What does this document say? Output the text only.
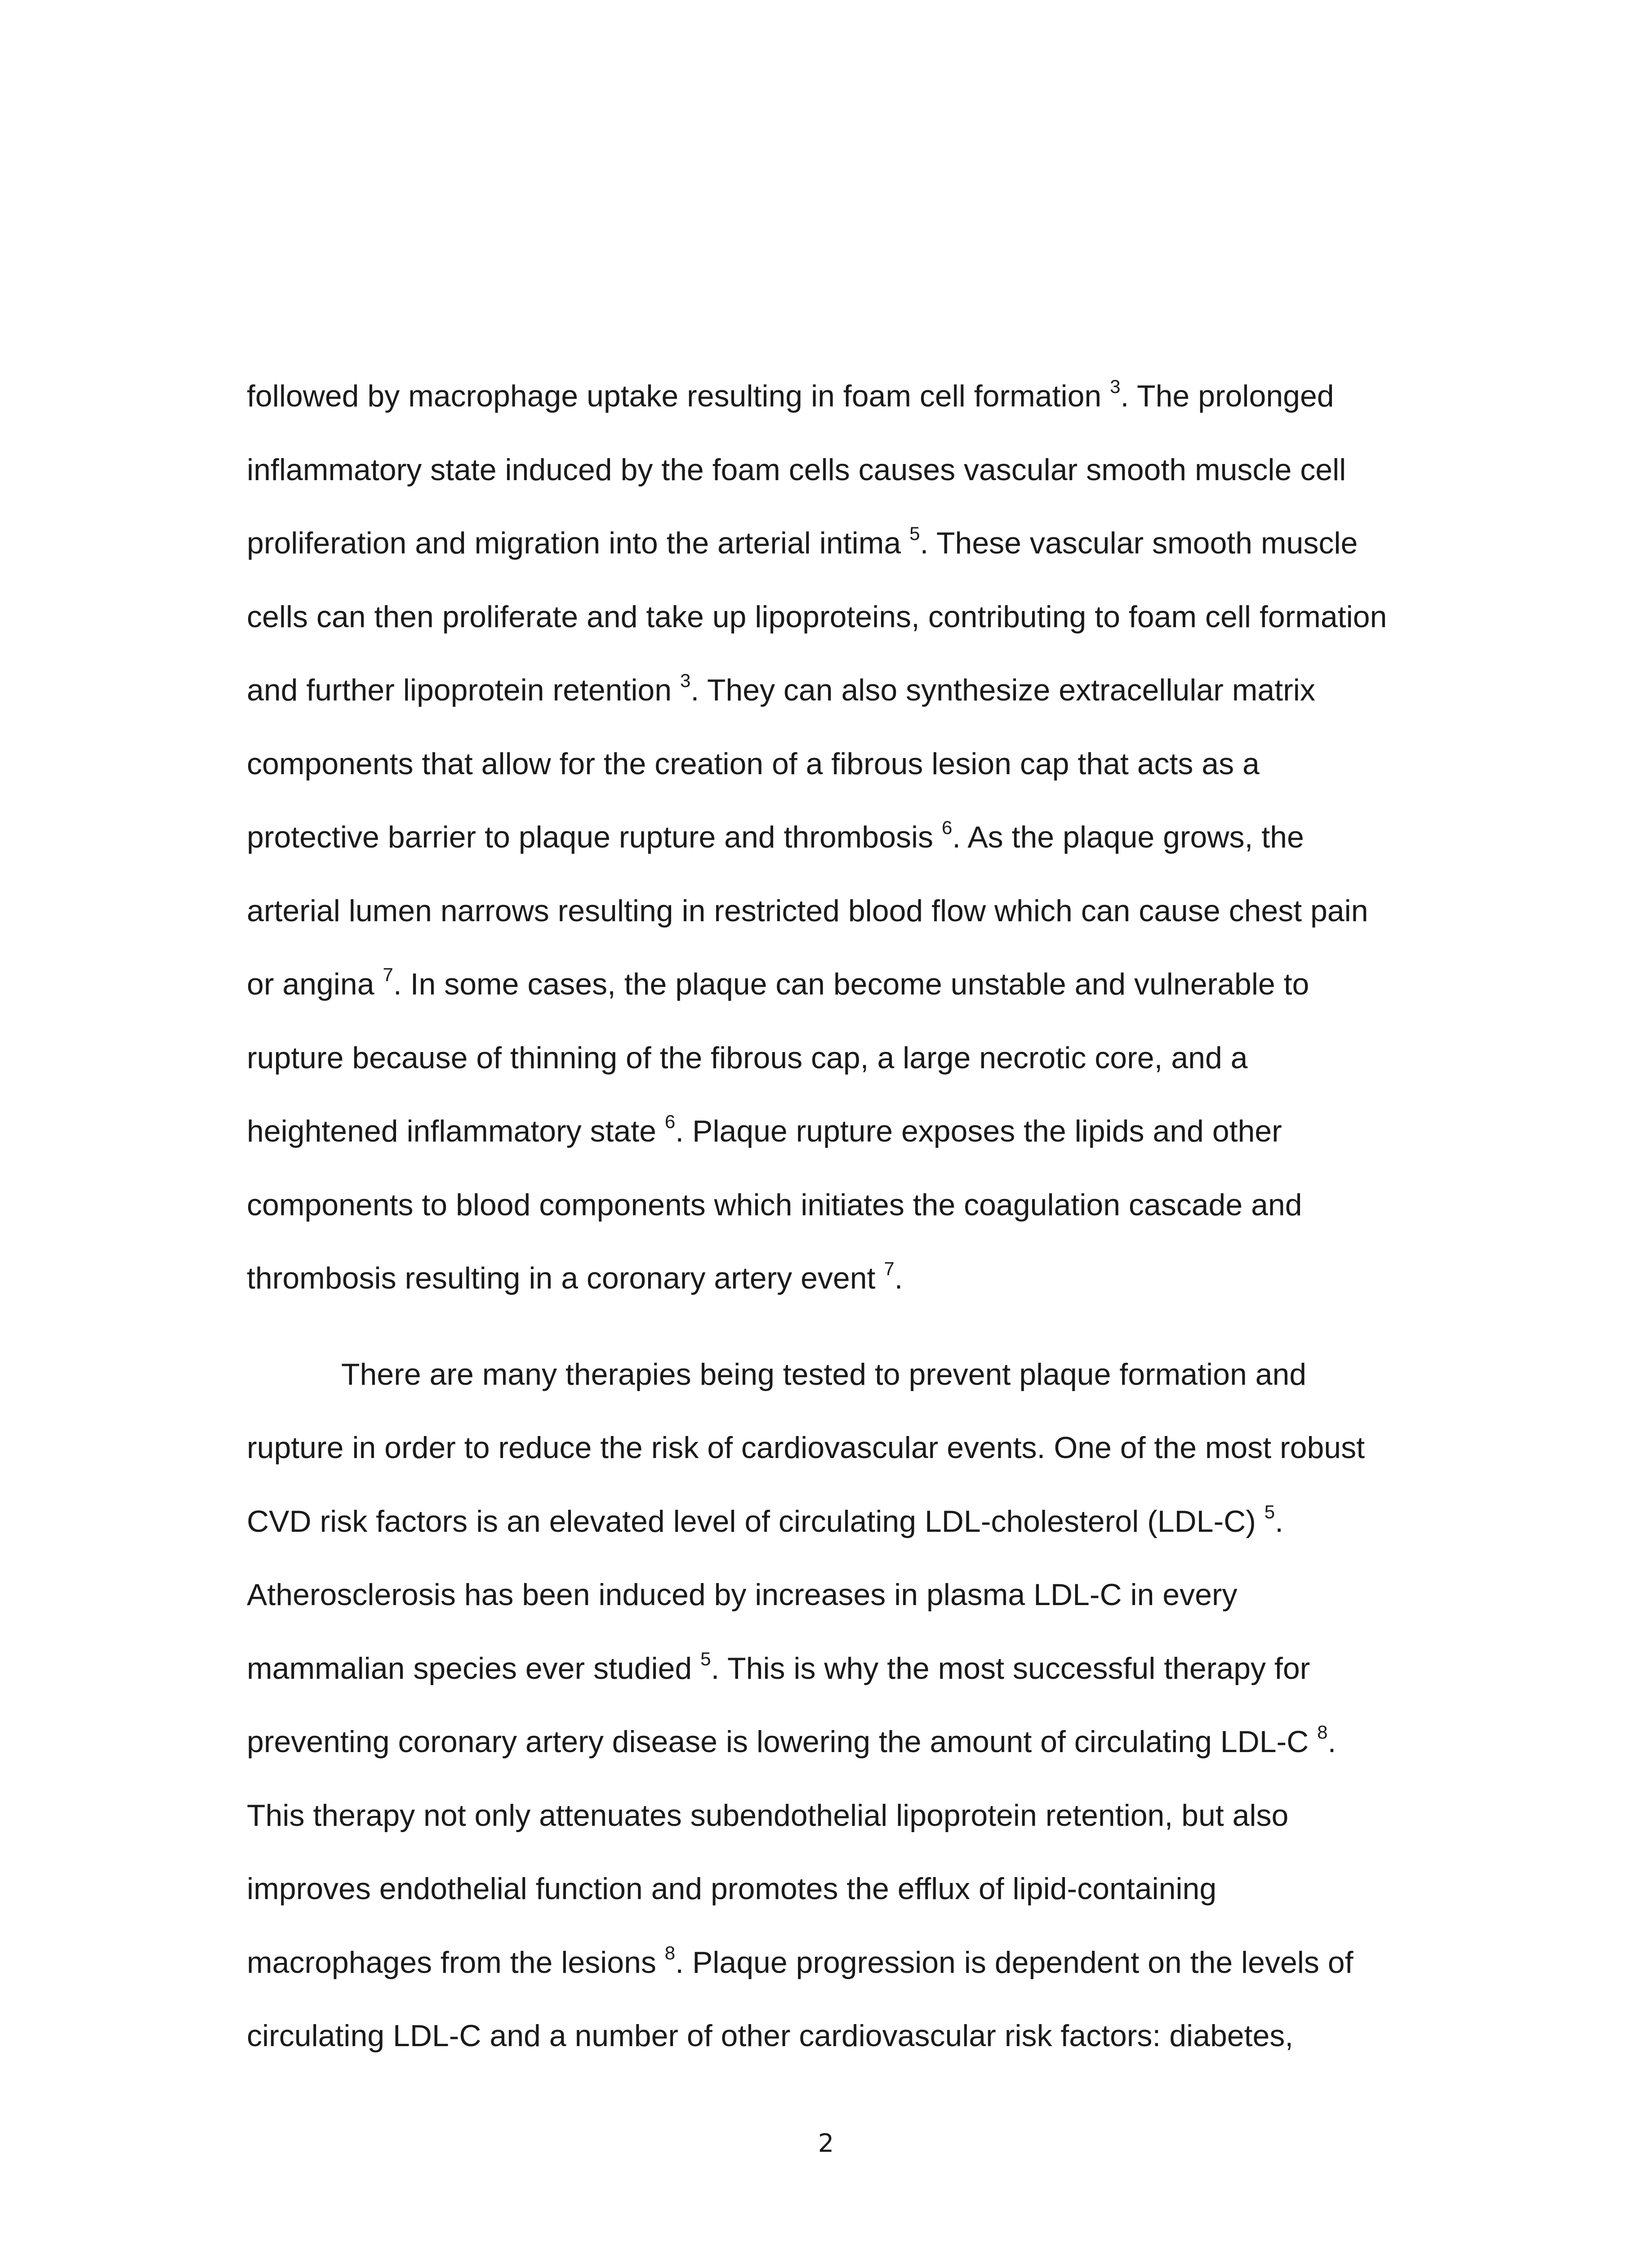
followed by macrophage uptake resulting in foam cell formation $^3$. The prolonged
inflammatory state induced by the foam cells causes vascular smooth muscle cell
proliferation and migration into the arterial intima $^5$. These vascular smooth muscle
cells can then proliferate and take up lipoproteins, contributing to foam cell formation
and further lipoprotein retention $^3$. They can also synthesize extracellular matrix
components that allow for the creation of a fibrous lesion cap that acts as a
protective barrier to plaque rupture and thrombosis $^6$. As the plaque grows, the
arterial lumen narrows resulting in restricted blood flow which can cause chest pain
or angina $^7$. In some cases, the plaque can become unstable and vulnerable to
rupture because of thinning of the fibrous cap, a large necrotic core, and a
heightened inflammatory state $^6$. Plaque rupture exposes the lipids and other
components to blood components which initiates the coagulation cascade and
thrombosis resulting in a coronary artery event $^7$.
There are many therapies being tested to prevent plaque formation and
rupture in order to reduce the risk of cardiovascular events. One of the most robust
CVD risk factors is an elevated level of circulating LDL-cholesterol (LDL-C) $^5$.
Atherosclerosis has been induced by increases in plasma LDL-C in every
mammalian species ever studied $^5$. This is why the most successful therapy for
preventing coronary artery disease is lowering the amount of circulating LDL-C $^8$.
This therapy not only attenuates subendothelial lipoprotein retention, but also
improves endothelial function and promotes the efflux of lipid-containing
macrophages from the lesions $^8$. Plaque progression is dependent on the levels of
circulating LDL-C and a number of other cardiovascular risk factors: diabetes,
2
